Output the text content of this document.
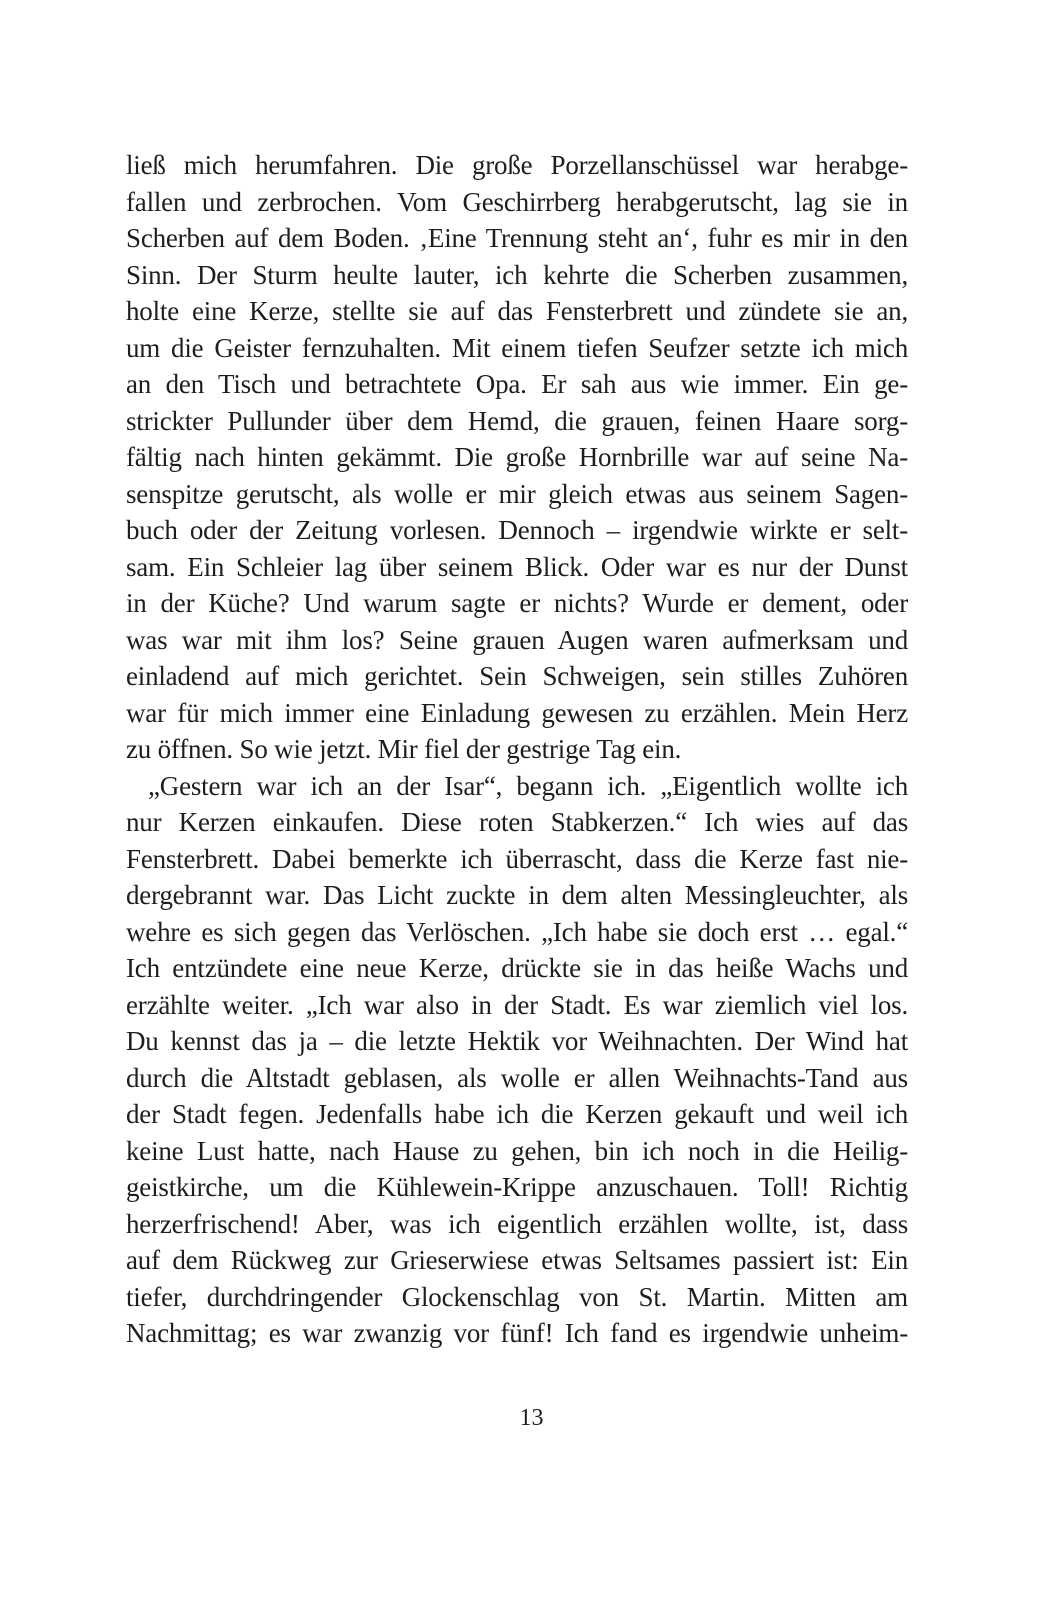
ließ mich herumfahren. Die große Porzellanschüssel war herabge-
fallen und zerbrochen. Vom Geschirrberg herabgerutscht, lag sie in
Scherben auf dem Boden. ‚Eine Trennung steht an‘, fuhr es mir in den
Sinn. Der Sturm heulte lauter, ich kehrte die Scherben zusammen,
holte eine Kerze, stellte sie auf das Fensterbrett und zündete sie an,
um die Geister fernzuhalten. Mit einem tiefen Seufzer setzte ich mich
an den Tisch und betrachtete Opa. Er sah aus wie immer. Ein ge-
strickter Pullunder über dem Hemd, die grauen, feinen Haare sorg-
fältig nach hinten gekämmt. Die große Hornbrille war auf seine Na-
senspitze gerutscht, als wolle er mir gleich etwas aus seinem Sagen-
buch oder der Zeitung vorlesen. Dennoch – irgendwie wirkte er selt-
sam. Ein Schleier lag über seinem Blick. Oder war es nur der Dunst
in der Küche? Und warum sagte er nichts? Wurde er dement, oder
was war mit ihm los? Seine grauen Augen waren aufmerksam und
einladend auf mich gerichtet. Sein Schweigen, sein stilles Zuhören
war für mich immer eine Einladung gewesen zu erzählen. Mein Herz
zu öffnen. So wie jetzt. Mir fiel der gestrige Tag ein.
„Gestern war ich an der Isar“, begann ich. „Eigentlich wollte ich
nur Kerzen einkaufen. Diese roten Stabkerzen.“ Ich wies auf das
Fensterbrett. Dabei bemerkte ich überrascht, dass die Kerze fast nie-
dergebrannt war. Das Licht zuckte in dem alten Messingleuchter, als
wehre es sich gegen das Verlöschen. „Ich habe sie doch erst … egal.“
Ich entzündete eine neue Kerze, drückte sie in das heiße Wachs und
erzählte weiter. „Ich war also in der Stadt. Es war ziemlich viel los.
Du kennst das ja – die letzte Hektik vor Weihnachten. Der Wind hat
durch die Altstadt geblasen, als wolle er allen Weihnachts-Tand aus
der Stadt fegen. Jedenfalls habe ich die Kerzen gekauft und weil ich
keine Lust hatte, nach Hause zu gehen, bin ich noch in die Heilig-
geistkirche, um die Kühlewein-Krippe anzuschauen. Toll! Richtig
herzerfrischend! Aber, was ich eigentlich erzählen wollte, ist, dass
auf dem Rückweg zur Grieserwiese etwas Seltsames passiert ist: Ein
tiefer, durchdringender Glockenschlag von St. Martin. Mitten am
Nachmittag; es war zwanzig vor fünf! Ich fand es irgendwie unheim-
13
